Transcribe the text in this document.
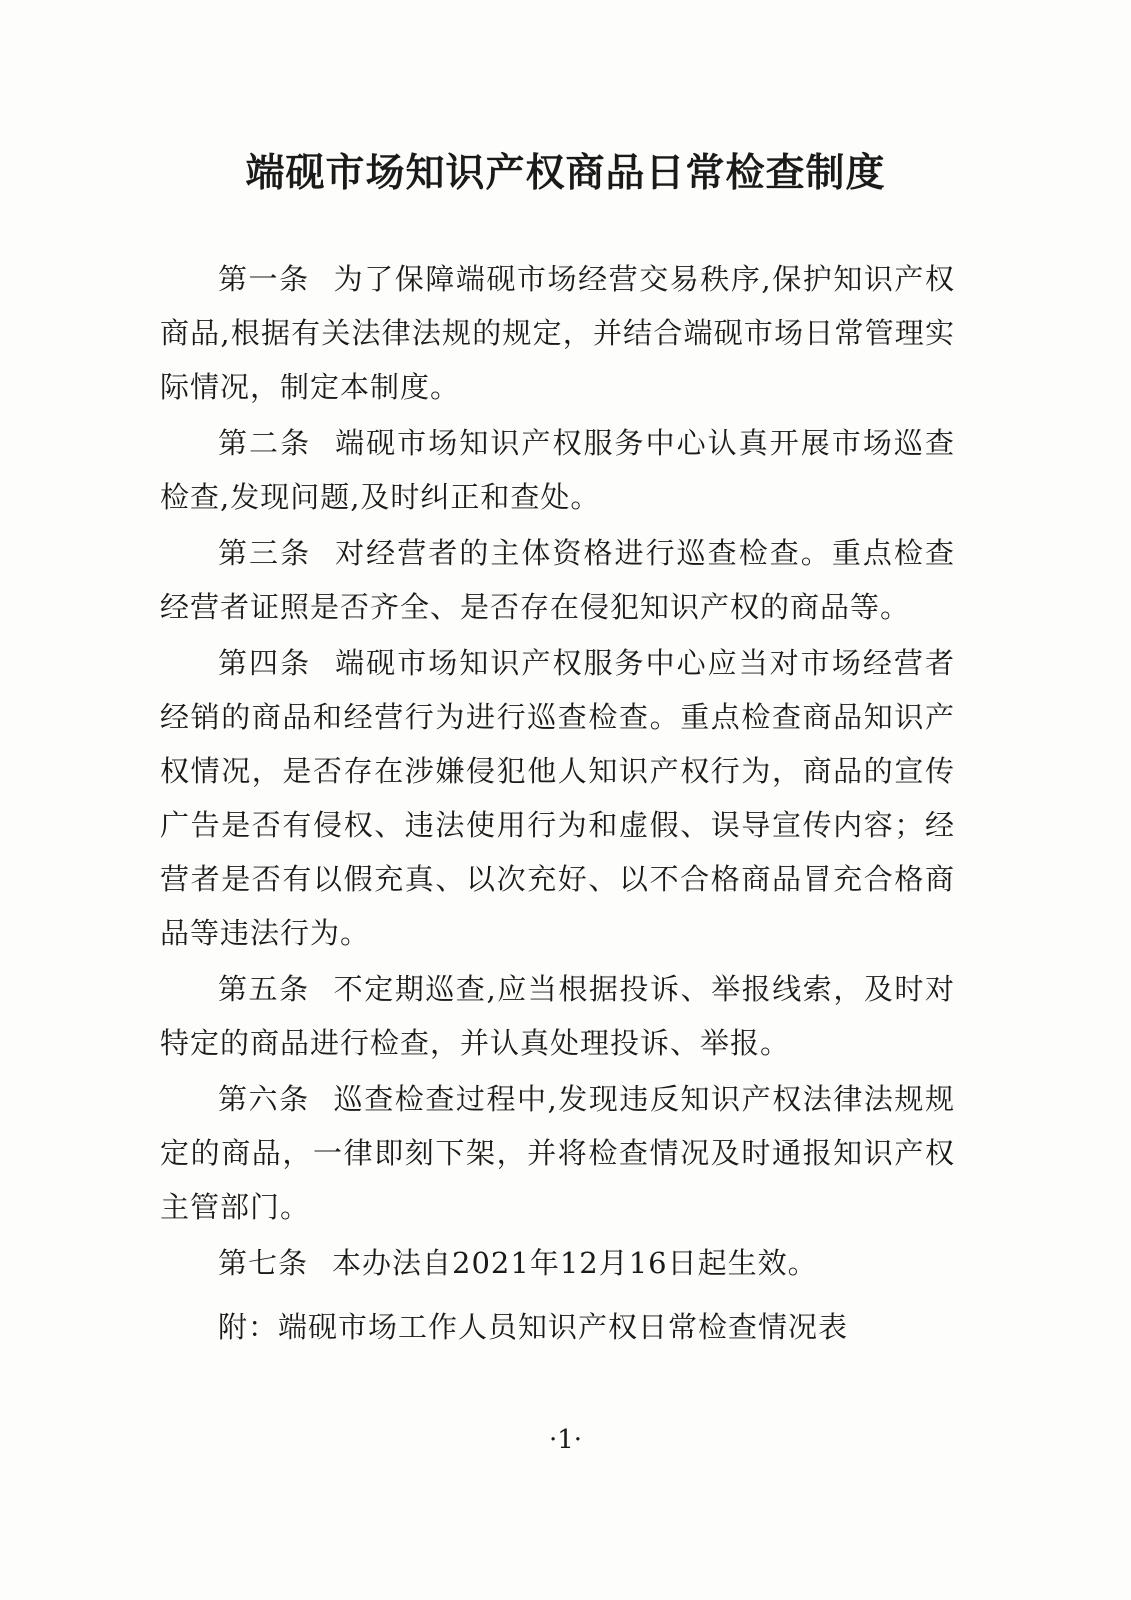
端砚市场知识产权商品日常检查制度

第一条 为了保障端砚市场经营交易秩序,保护知识产权商品,根据有关法律法规的规定，并结合端砚市场日常管理实际情况，制定本制度。

第二条 端砚市场知识产权服务中心认真开展市场巡查检查,发现问题,及时纠正和查处。

第三条 对经营者的主体资格进行巡查检查。重点检查经营者证照是否齐全、是否存在侵犯知识产权的商品等。

第四条 端砚市场知识产权服务中心应当对市场经营者经销的商品和经营行为进行巡查检查。重点检查商品知识产权情况，是否存在涉嫌侵犯他人知识产权行为，商品的宣传广告是否有侵权、违法使用行为和虚假、误导宣传内容；经营者是否有以假充真、以次充好、以不合格商品冒充合格商品等违法行为。

第五条 不定期巡查,应当根据投诉、举报线索，及时对特定的商品进行检查，并认真处理投诉、举报。

第六条 巡查检查过程中,发现违反知识产权法律法规规定的商品，一律即刻下架，并将检查情况及时通报知识产权主管部门。

第七条 本办法自2021年12月16日起生效。

附：端砚市场工作人员知识产权日常检查情况表

·1·
